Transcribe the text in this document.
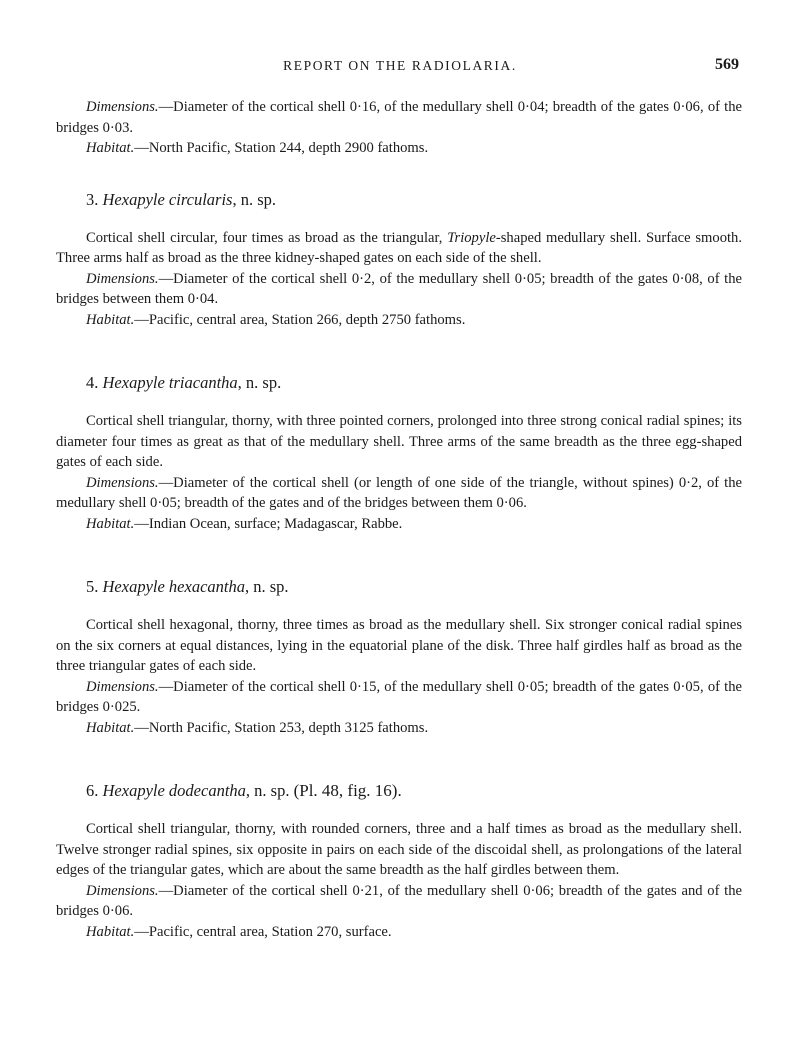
REPORT ON THE RADIOLARIA.	569

Dimensions.—Diameter of the cortical shell 0·16, of the medullary shell 0·04; breadth of the gates 0·06, of the bridges 0·03.

Habitat.—North Pacific, Station 244, depth 2900 fathoms.

3. Hexapyle circularis, n. sp.

Cortical shell circular, four times as broad as the triangular, Triopyle-shaped medullary shell. Surface smooth. Three arms half as broad as the three kidney-shaped gates on each side of the shell.

Dimensions.—Diameter of the cortical shell 0·2, of the medullary shell 0·05; breadth of the gates 0·08, of the bridges between them 0·04.

Habitat.—Pacific, central area, Station 266, depth 2750 fathoms.

4. Hexapyle triacantha, n. sp.

Cortical shell triangular, thorny, with three pointed corners, prolonged into three strong conical radial spines; its diameter four times as great as that of the medullary shell. Three arms of the same breadth as the three egg-shaped gates of each side.

Dimensions.—Diameter of the cortical shell (or length of one side of the triangle, without spines) 0·2, of the medullary shell 0·05; breadth of the gates and of the bridges between them 0·06.

Habitat.—Indian Ocean, surface; Madagascar, Rabbe.

5. Hexapyle hexacantha, n. sp.

Cortical shell hexagonal, thorny, three times as broad as the medullary shell. Six stronger conical radial spines on the six corners at equal distances, lying in the equatorial plane of the disk. Three half girdles half as broad as the three triangular gates of each side.

Dimensions.—Diameter of the cortical shell 0·15, of the medullary shell 0·05; breadth of the gates 0·05, of the bridges 0·025.

Habitat.—North Pacific, Station 253, depth 3125 fathoms.

6. Hexapyle dodecantha, n. sp. (Pl. 48, fig. 16).

Cortical shell triangular, thorny, with rounded corners, three and a half times as broad as the medullary shell. Twelve stronger radial spines, six opposite in pairs on each side of the discoidal shell, as prolongations of the lateral edges of the triangular gates, which are about the same breadth as the half girdles between them.

Dimensions.—Diameter of the cortical shell 0·21, of the medullary shell 0·06; breadth of the gates and of the bridges 0·06.

Habitat.—Pacific, central area, Station 270, surface.
